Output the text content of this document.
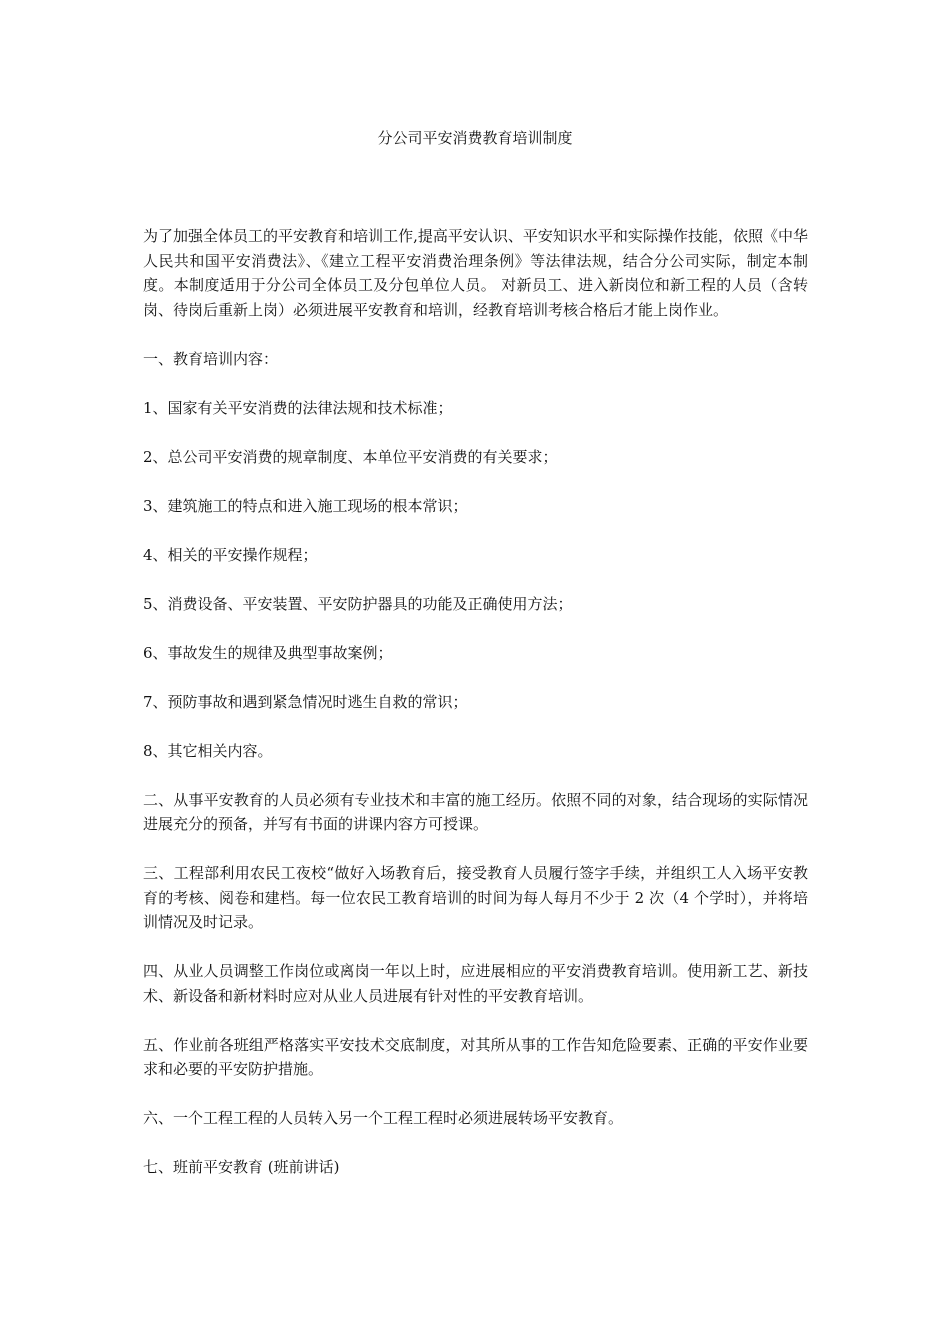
分公司平安消费教育培训制度

为了加强全体员工的平安教育和培训工作,提高平安认识、平安知识水平和实际操作技能，依照《中华人民共和国平安消费法》、《建立工程平安消费治理条例》等法律法规，结合分公司实际，制定本制度。本制度适用于分公司全体员工及分包单位人员。 对新员工、进入新岗位和新工程的人员（含转岗、待岗后重新上岗）必须进展平安教育和培训，经教育培训考核合格后才能上岗作业。

一、教育培训内容：

1、国家有关平安消费的法律法规和技术标准；

2、总公司平安消费的规章制度、本单位平安消费的有关要求；

3、建筑施工的特点和进入施工现场的根本常识；

4、相关的平安操作规程；

5、消费设备、平安装置、平安防护器具的功能及正确使用方法；

6、事故发生的规律及典型事故案例；

7、预防事故和遇到紧急情况时逃生自救的常识；

8、其它相关内容。

二、从事平安教育的人员必须有专业技术和丰富的施工经历。依照不同的对象，结合现场的实际情况进展充分的预备，并写有书面的讲课内容方可授课。

三、工程部利用农民工夜校“做好入场教育后，接受教育人员履行签字手续，并组织工人入场平安教育的考核、阅卷和建档。每一位农民工教育培训的时间为每人每月不少于 2 次（4 个学时），并将培训情况及时记录。

四、从业人员调整工作岗位或离岗一年以上时，应进展相应的平安消费教育培训。使用新工艺、新技术、新设备和新材料时应对从业人员进展有针对性的平安教育培训。

五、作业前各班组严格落实平安技术交底制度，对其所从事的工作告知危险要素、正确的平安作业要求和必要的平安防护措施。

六、一个工程工程的人员转入另一个工程工程时必须进展转场平安教育。

七、班前平安教育 (班前讲话)
